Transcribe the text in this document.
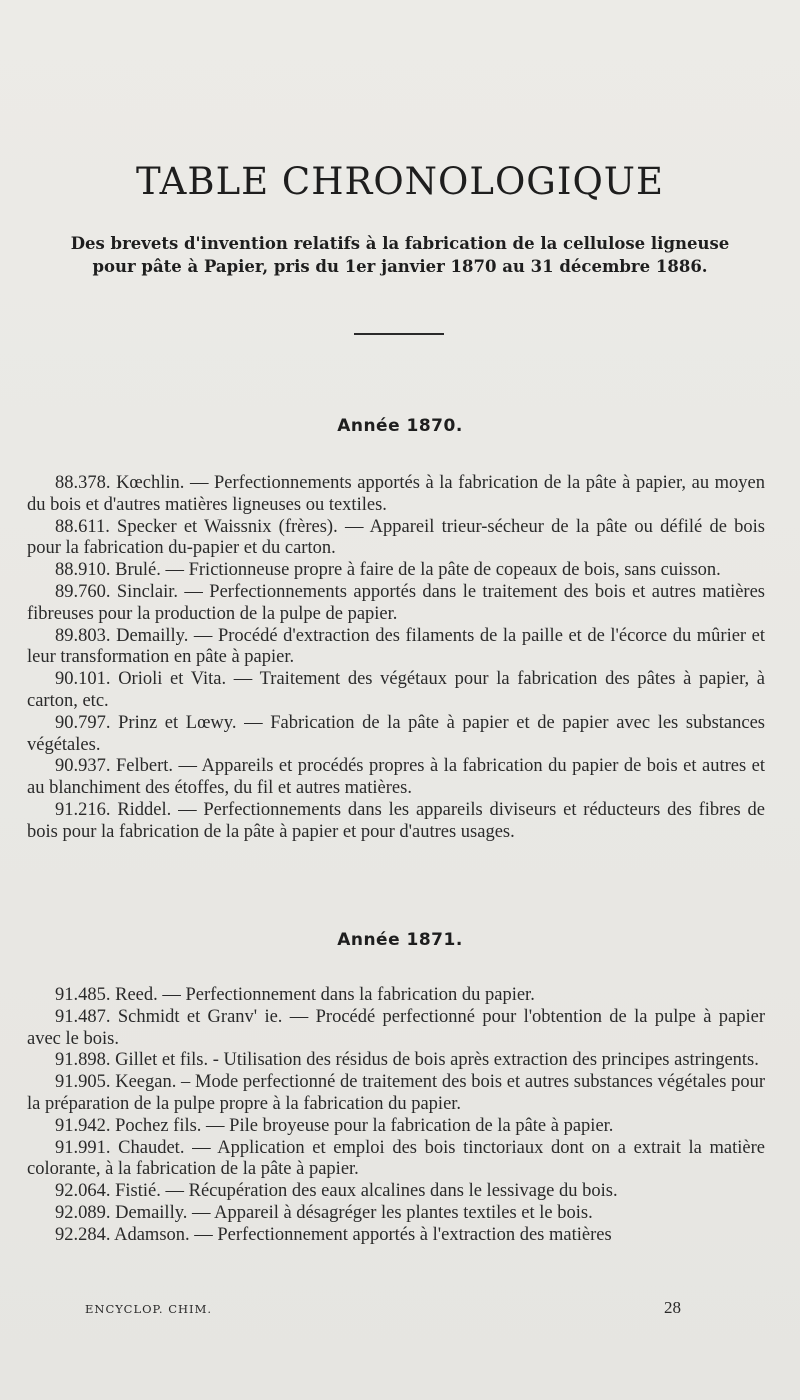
TABLE CHRONOLOGIQUE
Des brevets d'invention relatifs à la fabrication de la cellulose ligneuse pour pâte à Papier, pris du 1er janvier 1870 au 31 décembre 1886.
Année 1870.

88.378. Kœchlin. — Perfectionnements apportés à la fabrication de la pâte à papier, au moyen du bois et d'autres matières ligneuses ou textiles.

88.611. Specker et Waissnix (frères). — Appareil trieur-sécheur de la pâte ou défilé de bois pour la fabrication du-papier et du carton.

88.910. Brulé. — Frictionneuse propre à faire de la pâte de copeaux de bois, sans cuisson.

89.760. Sinclair. — Perfectionnements apportés dans le traitement des bois et autres matières fibreuses pour la production de la pulpe de papier.

89.803. Demailly. — Procédé d'extraction des filaments de la paille et de l'écorce du mûrier et leur transformation en pâte à papier.

90.101. Orioli et Vita. — Traitement des végétaux pour la fabrication des pâtes à papier, à carton, etc.

90.797. Prinz et Lœwy. — Fabrication de la pâte à papier et de papier avec les substances végétales.

90.937. Felbert. — Appareils et procédés propres à la fabrication du papier de bois et autres et au blanchiment des étoffes, du fil et autres matières.

91.216. Riddel. — Perfectionnements dans les appareils diviseurs et réducteurs des fibres de bois pour la fabrication de la pâte à papier et pour d'autres usages.

Année 1871.

91.485. Reed. — Perfectionnement dans la fabrication du papier.

91.487. Schmidt et Granv' ie. — Procédé perfectionné pour l'obtention de la pulpe à papier avec le bois.

91.898. Gillet et fils. - Utilisation des résidus de bois après extraction des principes astringents.

91.905. Keegan. – Mode perfectionné de traitement des bois et autres substances végétales pour la préparation de la pulpe propre à la fabrication du papier.

91.942. Pochez fils. — Pile broyeuse pour la fabrication de la pâte à papier.

91.991. Chaudet. — Application et emploi des bois tinctoriaux dont on a extrait la matière colorante, à la fabrication de la pâte à papier.

92.064. Fistié. — Récupération des eaux alcalines dans le lessivage du bois.

92.089. Demailly. — Appareil à désagréger les plantes textiles et le bois.

92.284. Adamson. — Perfectionnement apportés à l'extraction des matières

ENCYCLOP. CHIM.	28
